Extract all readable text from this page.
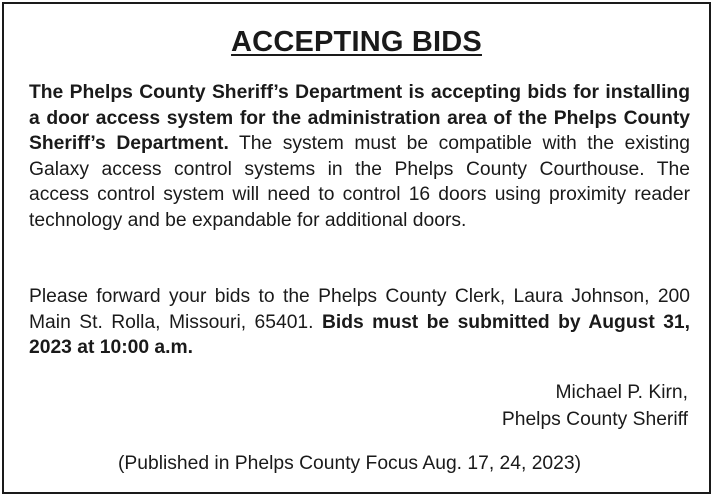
ACCEPTING BIDS

The Phelps County Sheriff’s Department is accepting bids for installing a door access system for the administration area of the Phelps County Sheriff’s Department. The system must be compatible with the existing Galaxy access control systems in the Phelps County Courthouse. The access control system will need to control 16 doors using proximity reader technology and be expandable for additional doors.

Please forward your bids to the Phelps County Clerk, Laura Johnson, 200 Main St. Rolla, Missouri, 65401. Bids must be submitted by August 31, 2023 at 10:00 a.m.

Michael P. Kirn,
Phelps County Sheriff
(Published in Phelps County Focus Aug. 17, 24, 2023)
